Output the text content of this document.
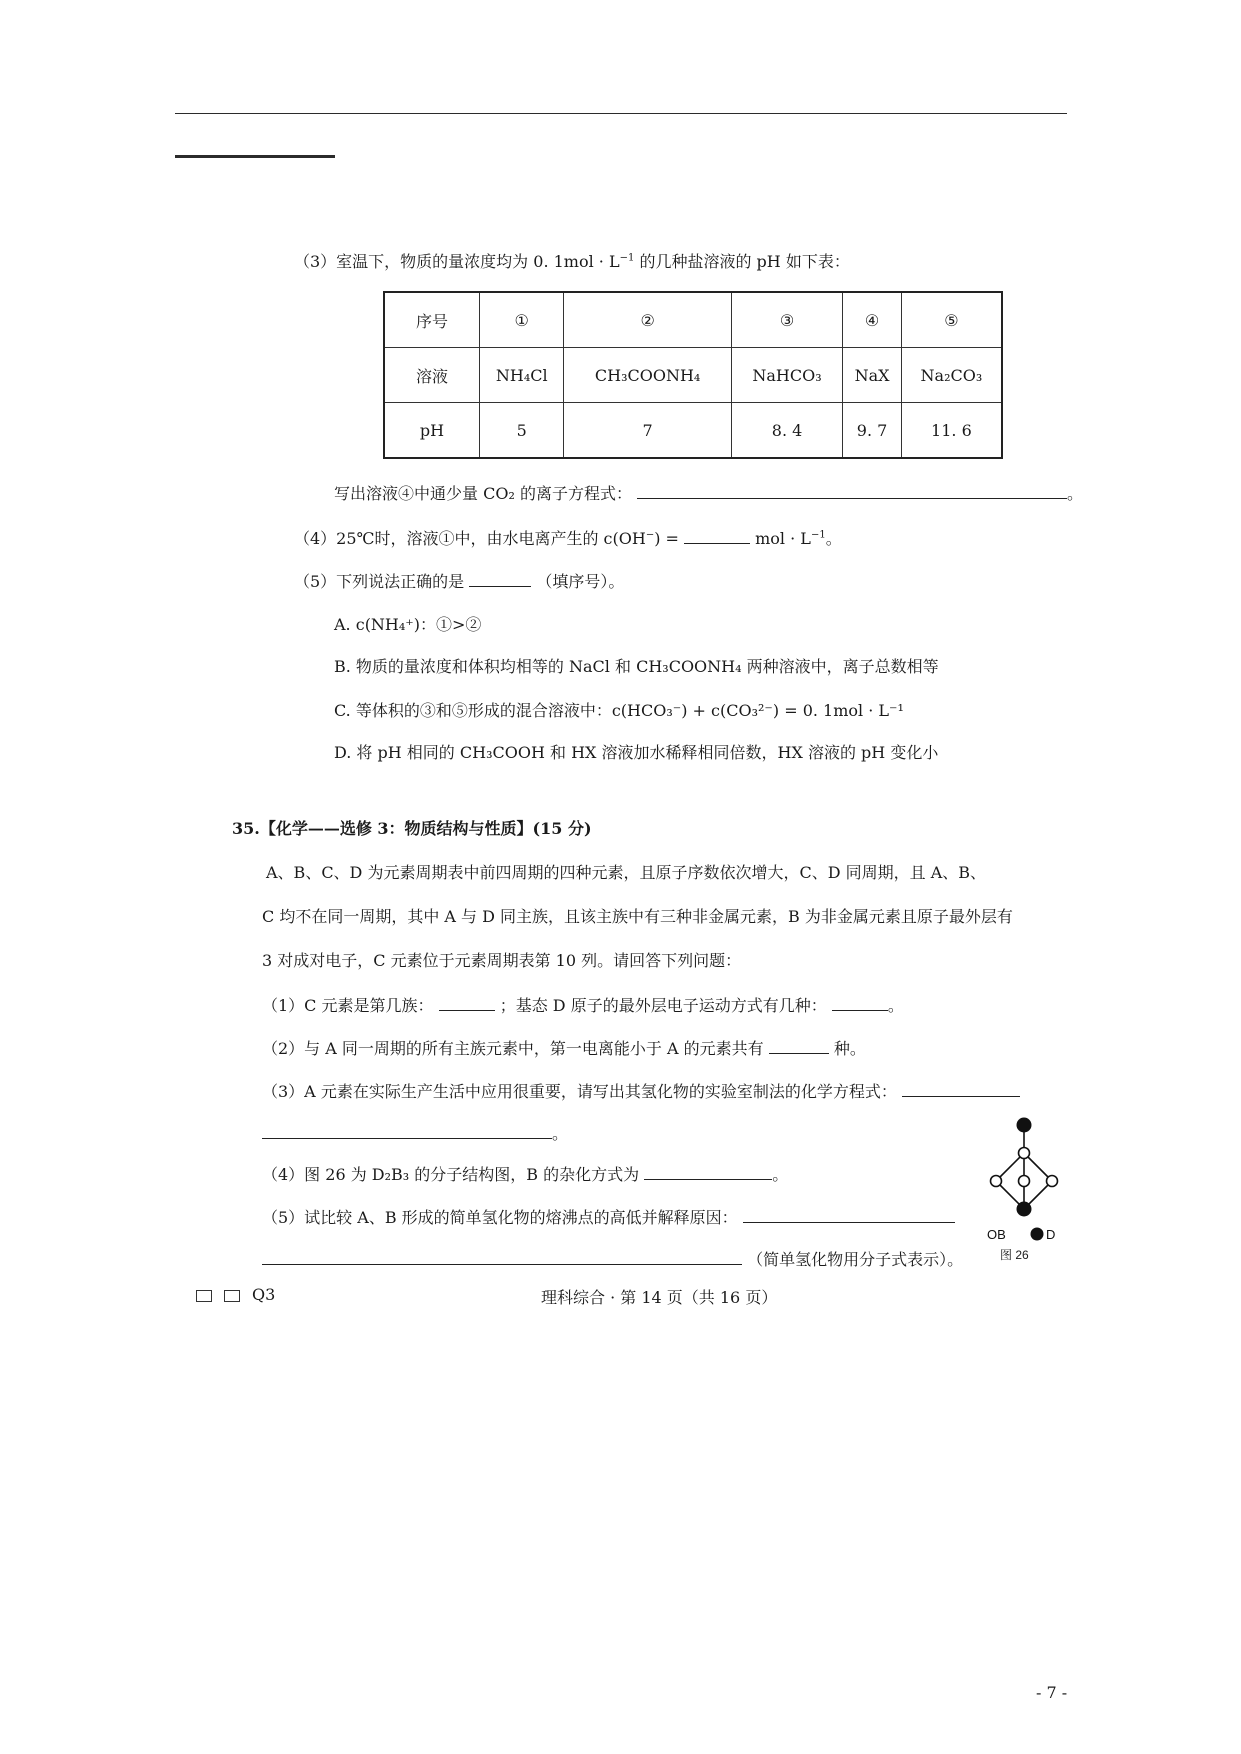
（3）室温下，物质的量浓度均为 0. $1mol \cdot L^{-1}$ 的几种盐溶液的 pH 如下表：
序号	①	②	③	④	⑤
溶液	NH₄Cl	CH₃COONH₄	NaHCO₃	NaX	Na₂CO₃
pH	5	7	8. 4	9. 7	11. 6
写出溶液④中通少量 CO₂ 的离子方程式：	。
（4）25℃时，溶液①中，由水电离产生的 c(OH−) =	mol · $L^{-1}$。
（5）下列说法正确的是	（填序号）。
A. c(NH₄⁺)：①>②
B. 物质的量浓度和体积均相等的 NaCl 和 CH₃COONH₄ 两种溶液中，离子总数相等
C. 等体积的③和⑤形成的混合溶液中：c(HCO₃⁻) + c(CO₃²⁻) = 0. 1mol · L⁻¹
D. 将 pH 相同的 CH₃COOH 和 HX 溶液加水稀释相同倍数，HX 溶液的 pH 变化小
35.【化学——选修 3：物质结构与性质】(15 分)
A、B、C、D 为元素周期表中前四周期的四种元素，且原子序数依次增大，C、D 同周期，且 A、B、
C 均不在同一周期，其中 A 与 D 同主族，且该主族中有三种非金属元素，B 为非金属元素且原子最外层有
3 对成对电子，C 元素位于元素周期表第 10 列。请回答下列问题：
（1）C 元素是第几族：	；基态 D 原子的最外层电子运动方式有几种：	。
（2）与 A 同一周期的所有主族元素中，第一电离能小于 A 的元素共有	种。
（3）A 元素在实际生产生活中应用很重要，请写出其氢化物的实验室制法的化学方程式：
。
（4）图 26 为 D₂B₃ 的分子结构图，B 的杂化方式为	。
（5）试比较 A、B 形成的简单氢化物的熔沸点的高低并解释原因：
（简单氢化物用分子式表示）。
OB	D
图 26
Q3	理科综合 · 第 14 页（共 16 页）
- 7 -
